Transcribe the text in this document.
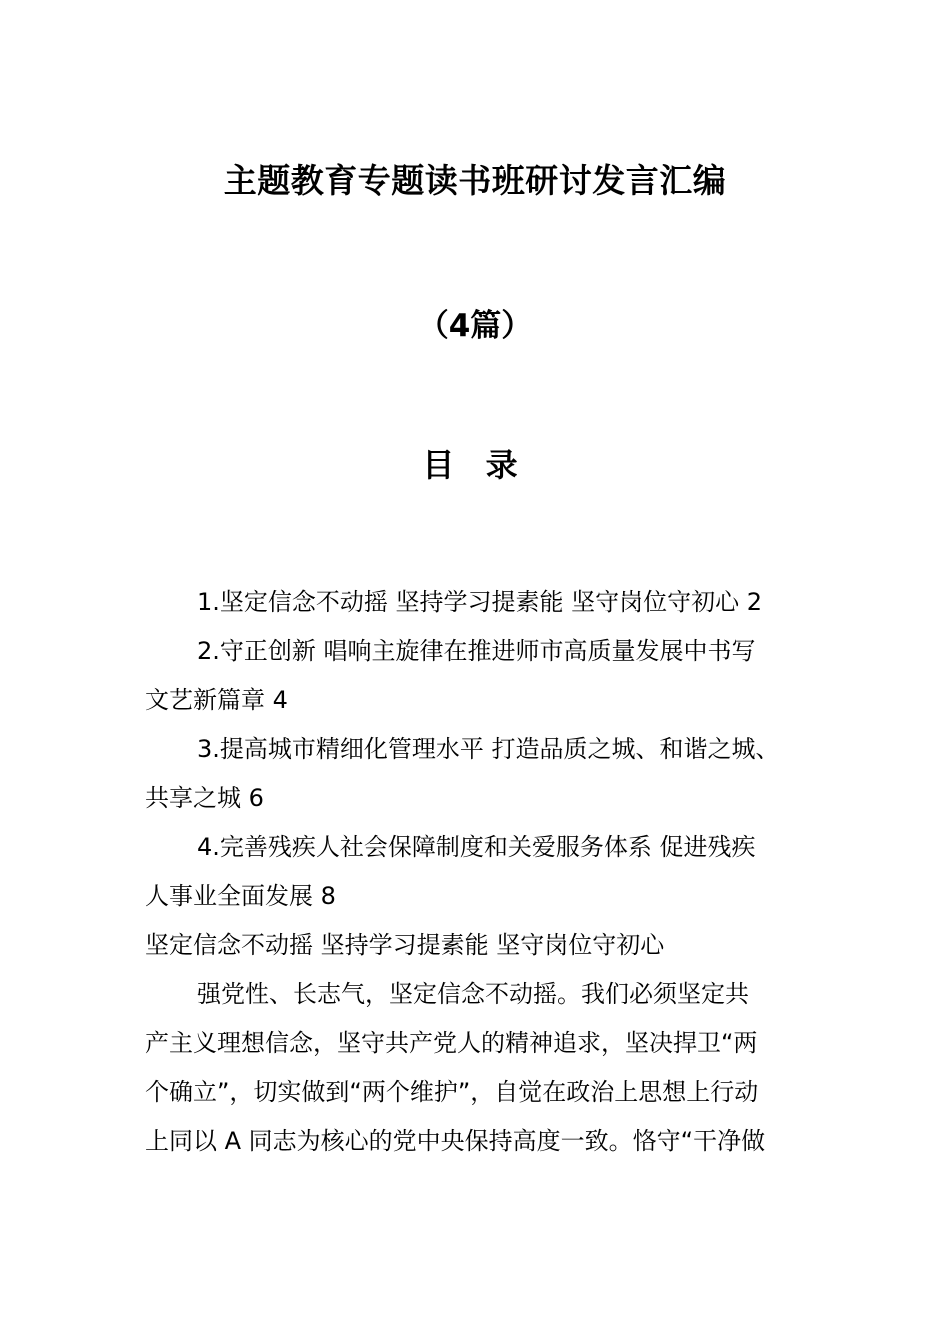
主题教育专题读书班研讨发言汇编
（4篇）
目 录
1.坚定信念不动摇 坚持学习提素能 坚守岗位守初心 2
2.守正创新 唱响主旋律在推进师市高质量发展中书写
文艺新篇章 4
3.提高城市精细化管理水平 打造品质之城、和谐之城、
共享之城 6
4.完善残疾人社会保障制度和关爱服务体系 促进残疾
人事业全面发展 8
坚定信念不动摇 坚持学习提素能 坚守岗位守初心
强党性、长志气，坚定信念不动摇。我们必须坚定共
产主义理想信念，坚守共产党人的精神追求，坚决捍卫“两
个确立”，切实做到“两个维护”，自觉在政治上思想上行动
上同以 A 同志为核心的党中央保持高度一致。恪守“干净做
